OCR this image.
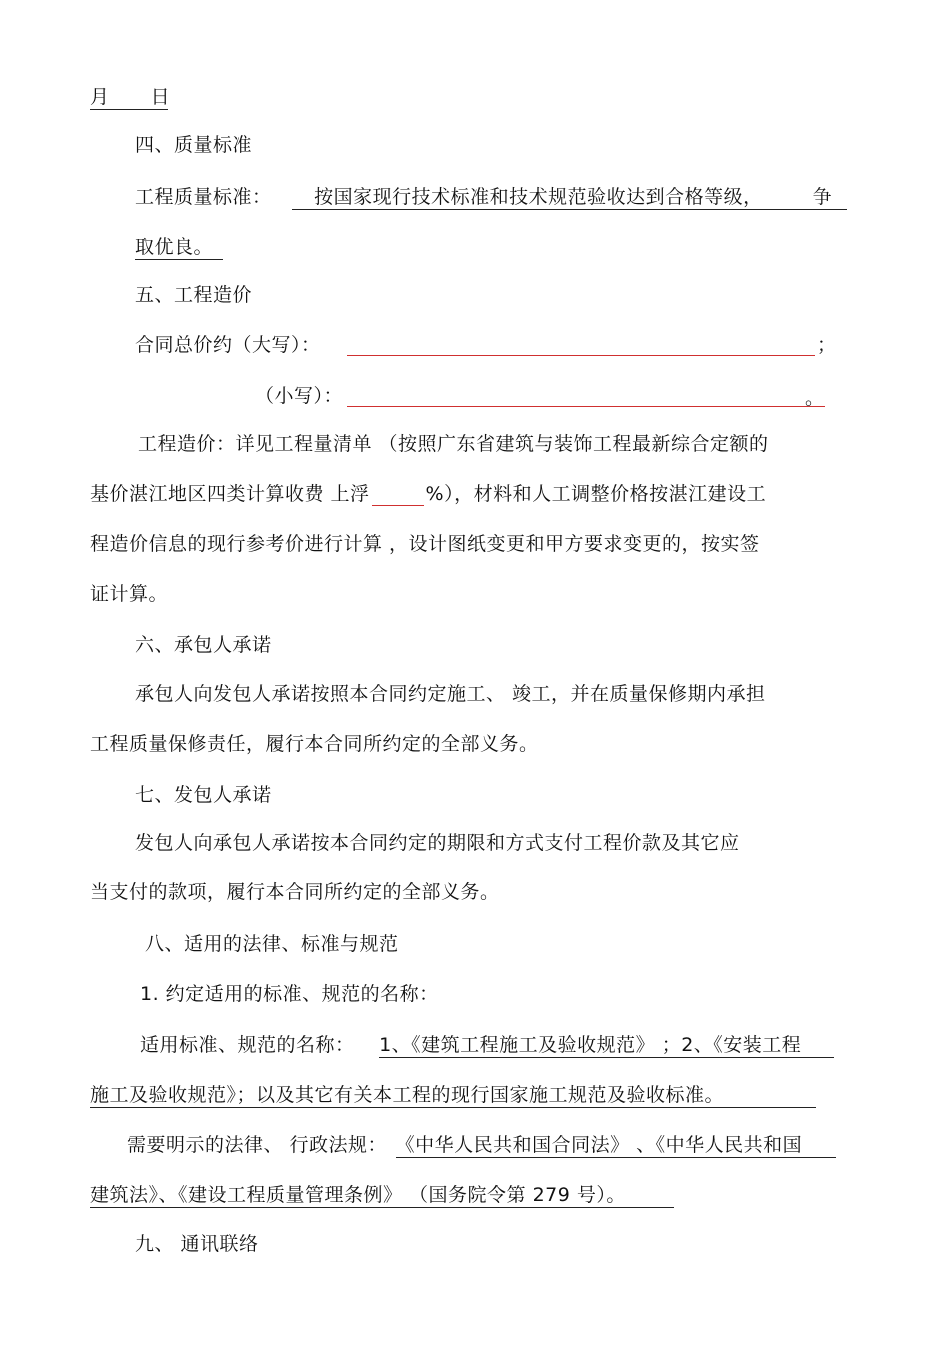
月 日
四、质量标准
工程质量标准： 按国家现行技术标准和技术规范验收达到合格等级，	争
取优良。
五、工程造价
合同总价约（大写）：	；
（小写）：	。
工程造价：详见工程量清单 （按照广东省建筑与装饰工程最新综合定额的
基价湛江地区四类计算收费 上浮	%），材料和人工调整价格按湛江建设工
程造价信息的现行参考价进行计算 ，设计图纸变更和甲方要求变更的，按实签
证计算。
六、承包人承诺
承包人向发包人承诺按照本合同约定施工、 竣工，并在质量保修期内承担
工程质量保修责任，履行本合同所约定的全部义务。
七、发包人承诺
发包人向承包人承诺按本合同约定的期限和方式支付工程价款及其它应
当支付的款项，履行本合同所约定的全部义务。
八、适用的法律、标准与规范
1. 约定适用的标准、规范的名称：
适用标准、规范的名称： 1、《建筑工程施工及验收规范》 ；2、《安装工程
施工及验收规范》；以及其它有关本工程的现行国家施工规范及验收标准。
需要明示的法律、 行政法规： 《中华人民共和国合同法》 、《中华人民共和国
建筑法》、《建设工程质量管理条例》 （国务院令第 279 号）。
九、 通讯联络
